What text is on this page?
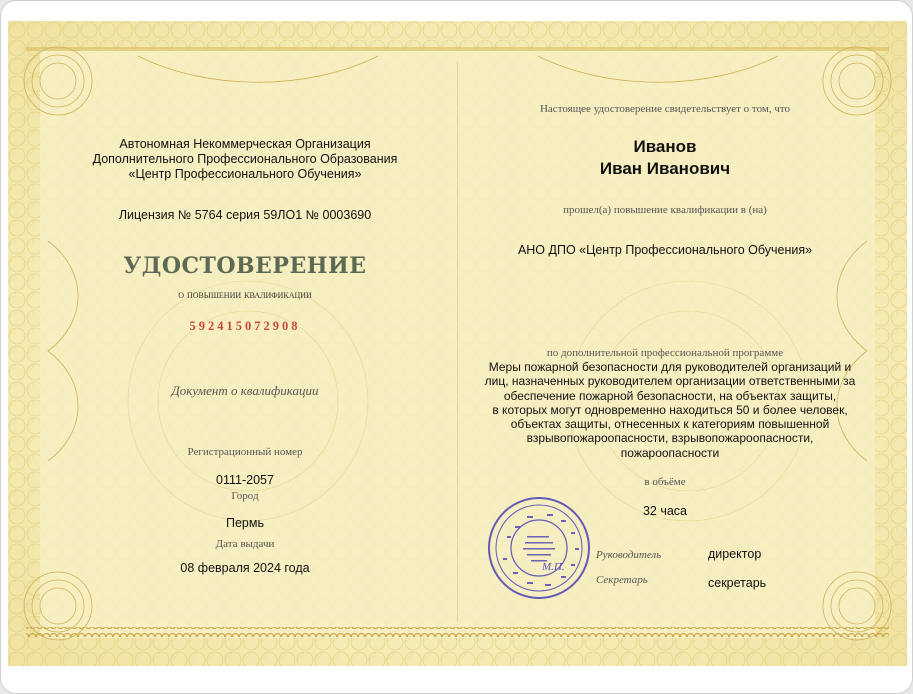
Автономная Некоммерческая Организация
Дополнительного Профессионального Образования
«Центр Профессионального Обучения»
Лицензия № 5764 серия 59ЛО1 № 0003690
УДОСТОВЕРЕНИЕ
о повышении квалификации
592415072908
Документ о квалификации
Регистрационный номер
0111-2057
Город
Пермь
Дата выдачи
08 февраля 2024 года
Настоящее удостоверение свидетельствует о том, что
Иванов
Иван Иванович
прошел(а) повышение квалификации в (на)
АНО ДПО «Центр Профессионального Обучения»
по дополнительной профессиональной программе
Меры пожарной безопасности для руководителей организаций и
лиц, назначенных руководителем организации ответственными за
обеспечение пожарной безопасности, на объектах защиты,
в которых могут одновременно находиться 50 и более человек,
объектах защиты, отнесенных к категориям повышенной
взрывопожароопасности, взрывопожароопасности,
пожароопасности
в объёме
32 часа
Руководитель	директор
Секретарь	секретарь
М.П.
